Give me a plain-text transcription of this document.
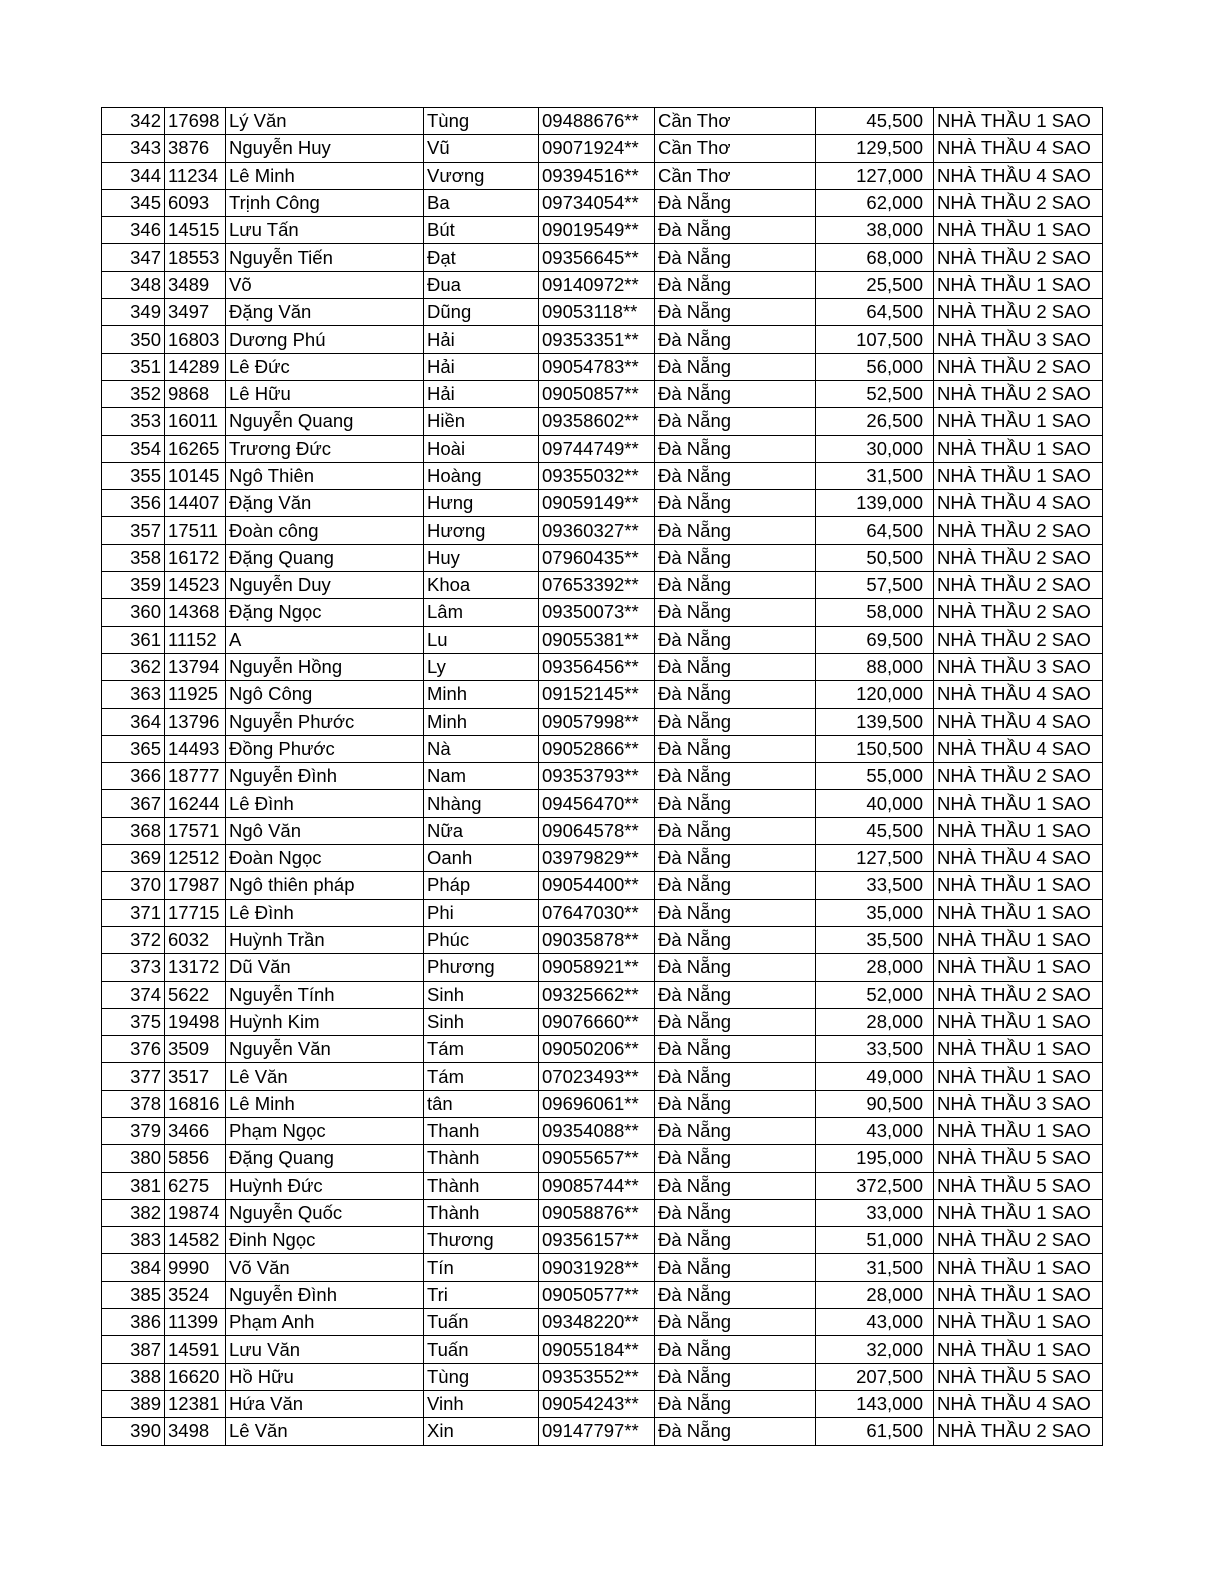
342	17698	Lý Văn	Tùng	09488676**	Cần Thơ	45,500	NHÀ THẦU 1 SAO
343	3876	Nguyễn Huy	Vũ	09071924**	Cần Thơ	129,500	NHÀ THẦU 4 SAO
344	11234	Lê Minh	Vương	09394516**	Cần Thơ	127,000	NHÀ THẦU 4 SAO
345	6093	Trịnh Công	Ba	09734054**	Đà Nẵng	62,000	NHÀ THẦU 2 SAO
346	14515	Lưu Tấn	Bút	09019549**	Đà Nẵng	38,000	NHÀ THẦU 1 SAO
347	18553	Nguyễn Tiến	Đạt	09356645**	Đà Nẵng	68,000	NHÀ THẦU 2 SAO
348	3489	Võ	Đua	09140972**	Đà Nẵng	25,500	NHÀ THẦU 1 SAO
349	3497	Đặng Văn	Dũng	09053118**	Đà Nẵng	64,500	NHÀ THẦU 2 SAO
350	16803	Dương Phú	Hải	09353351**	Đà Nẵng	107,500	NHÀ THẦU 3 SAO
351	14289	Lê Đức	Hải	09054783**	Đà Nẵng	56,000	NHÀ THẦU 2 SAO
352	9868	Lê Hữu	Hải	09050857**	Đà Nẵng	52,500	NHÀ THẦU 2 SAO
353	16011	Nguyễn Quang	Hiền	09358602**	Đà Nẵng	26,500	NHÀ THẦU 1 SAO
354	16265	Trương Đức	Hoài	09744749**	Đà Nẵng	30,000	NHÀ THẦU 1 SAO
355	10145	Ngô Thiên	Hoàng	09355032**	Đà Nẵng	31,500	NHÀ THẦU 1 SAO
356	14407	Đặng Văn	Hưng	09059149**	Đà Nẵng	139,000	NHÀ THẦU 4 SAO
357	17511	Đoàn công	Hương	09360327**	Đà Nẵng	64,500	NHÀ THẦU 2 SAO
358	16172	Đặng Quang	Huy	07960435**	Đà Nẵng	50,500	NHÀ THẦU 2 SAO
359	14523	Nguyễn Duy	Khoa	07653392**	Đà Nẵng	57,500	NHÀ THẦU 2 SAO
360	14368	Đặng Ngọc	Lâm	09350073**	Đà Nẵng	58,000	NHÀ THẦU 2 SAO
361	11152	A	Lu	09055381**	Đà Nẵng	69,500	NHÀ THẦU 2 SAO
362	13794	Nguyễn Hồng	Ly	09356456**	Đà Nẵng	88,000	NHÀ THẦU 3 SAO
363	11925	Ngô Công	Minh	09152145**	Đà Nẵng	120,000	NHÀ THẦU 4 SAO
364	13796	Nguyễn Phước	Minh	09057998**	Đà Nẵng	139,500	NHÀ THẦU 4 SAO
365	14493	Đồng Phước	Nà	09052866**	Đà Nẵng	150,500	NHÀ THẦU 4 SAO
366	18777	Nguyễn Đình	Nam	09353793**	Đà Nẵng	55,000	NHÀ THẦU 2 SAO
367	16244	Lê Đình	Nhàng	09456470**	Đà Nẵng	40,000	NHÀ THẦU 1 SAO
368	17571	Ngô Văn	Nữa	09064578**	Đà Nẵng	45,500	NHÀ THẦU 1 SAO
369	12512	Đoàn Ngọc	Oanh	03979829**	Đà Nẵng	127,500	NHÀ THẦU 4 SAO
370	17987	Ngô thiên pháp	Pháp	09054400**	Đà Nẵng	33,500	NHÀ THẦU 1 SAO
371	17715	Lê Đình	Phi	07647030**	Đà Nẵng	35,000	NHÀ THẦU 1 SAO
372	6032	Huỳnh Trần	Phúc	09035878**	Đà Nẵng	35,500	NHÀ THẦU 1 SAO
373	13172	Dũ Văn	Phương	09058921**	Đà Nẵng	28,000	NHÀ THẦU 1 SAO
374	5622	Nguyễn Tính	Sinh	09325662**	Đà Nẵng	52,000	NHÀ THẦU 2 SAO
375	19498	Huỳnh Kim	Sinh	09076660**	Đà Nẵng	28,000	NHÀ THẦU 1 SAO
376	3509	Nguyễn Văn	Tám	09050206**	Đà Nẵng	33,500	NHÀ THẦU 1 SAO
377	3517	Lê Văn	Tám	07023493**	Đà Nẵng	49,000	NHÀ THẦU 1 SAO
378	16816	Lê Minh	tân	09696061**	Đà Nẵng	90,500	NHÀ THẦU 3 SAO
379	3466	Phạm Ngọc	Thanh	09354088**	Đà Nẵng	43,000	NHÀ THẦU 1 SAO
380	5856	Đặng Quang	Thành	09055657**	Đà Nẵng	195,000	NHÀ THẦU 5 SAO
381	6275	Huỳnh Đức	Thành	09085744**	Đà Nẵng	372,500	NHÀ THẦU 5 SAO
382	19874	Nguyễn Quốc	Thành	09058876**	Đà Nẵng	33,000	NHÀ THẦU 1 SAO
383	14582	Đinh Ngọc	Thương	09356157**	Đà Nẵng	51,000	NHÀ THẦU 2 SAO
384	9990	Võ Văn	Tín	09031928**	Đà Nẵng	31,500	NHÀ THẦU 1 SAO
385	3524	Nguyễn Đình	Tri	09050577**	Đà Nẵng	28,000	NHÀ THẦU 1 SAO
386	11399	Phạm Anh	Tuấn	09348220**	Đà Nẵng	43,000	NHÀ THẦU 1 SAO
387	14591	Lưu Văn	Tuấn	09055184**	Đà Nẵng	32,000	NHÀ THẦU 1 SAO
388	16620	Hồ Hữu	Tùng	09353552**	Đà Nẵng	207,500	NHÀ THẦU 5 SAO
389	12381	Hứa Văn	Vinh	09054243**	Đà Nẵng	143,000	NHÀ THẦU 4 SAO
390	3498	Lê Văn	Xin	09147797**	Đà Nẵng	61,500	NHÀ THẦU 2 SAO
